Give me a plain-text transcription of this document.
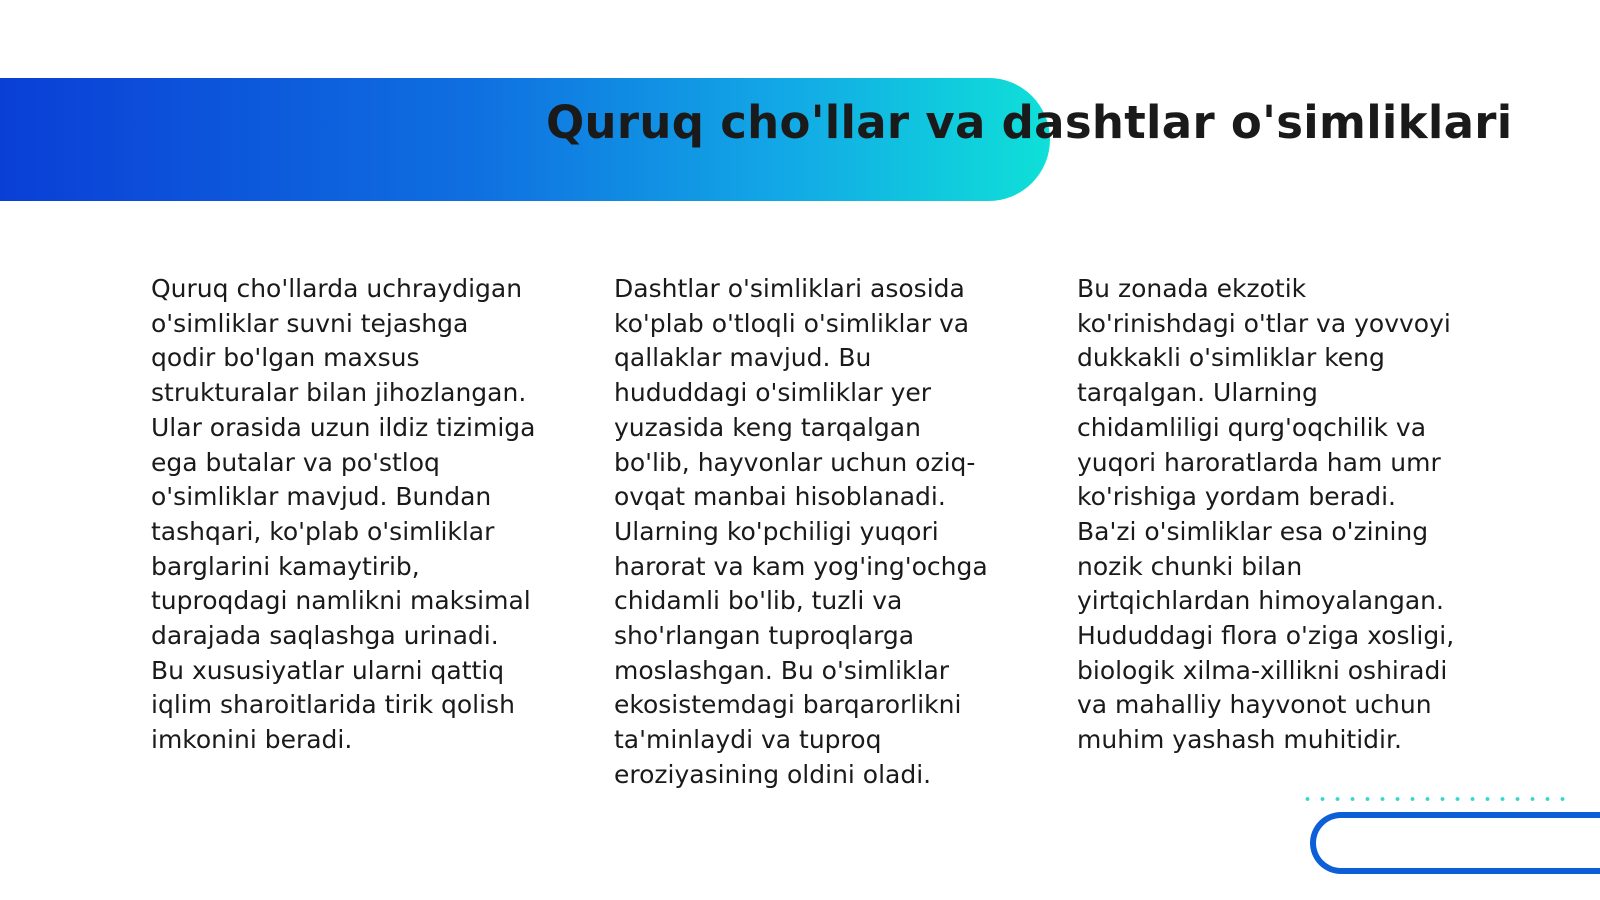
Quruq cho'llar va dashtlar o'simliklari

Quruq cho'llarda uchraydigan o'simliklar suvni tejashga qodir bo'lgan maxsus strukturalar bilan jihozlangan. Ular orasida uzun ildiz tizimiga ega butalar va po'stloq o'simliklar mavjud. Bundan tashqari, ko'plab o'simliklar barglarini kamaytirib, tuproqdagi namlikni maksimal darajada saqlashga urinadi. Bu xususiyatlar ularni qattiq iqlim sharoitlarida tirik qolish imkonini beradi.

Dashtlar o'simliklari asosida ko'plab o'tloqli o'simliklar va qallaklar mavjud. Bu hududdagi o'simliklar yer yuzasida keng tarqalgan bo'lib, hayvonlar uchun oziq-ovqat manbai hisoblanadi. Ularning ko'pchiligi yuqori harorat va kam yog'ing'ochga chidamli bo'lib, tuzli va sho'rlangan tuproqlarga moslashgan. Bu o'simliklar ekosistemdagi barqarorlikni ta'minlaydi va tuproq eroziyasining oldini oladi.

Bu zonada ekzotik ko'rinishdagi o'tlar va yovvoyi dukkakli o'simliklar keng tarqalgan. Ularning chidamliligi qurg'oqchilik va yuqori haroratlarda ham umr ko'rishiga yordam beradi. Ba'zi o'simliklar esa o'zining nozik chunki bilan yirtqichlardan himoyalangan. Hududdagi flora o'ziga xosligi, biologik xilma-xillikni oshiradi va mahalliy hayvonot uchun muhim yashash muhitidir.
